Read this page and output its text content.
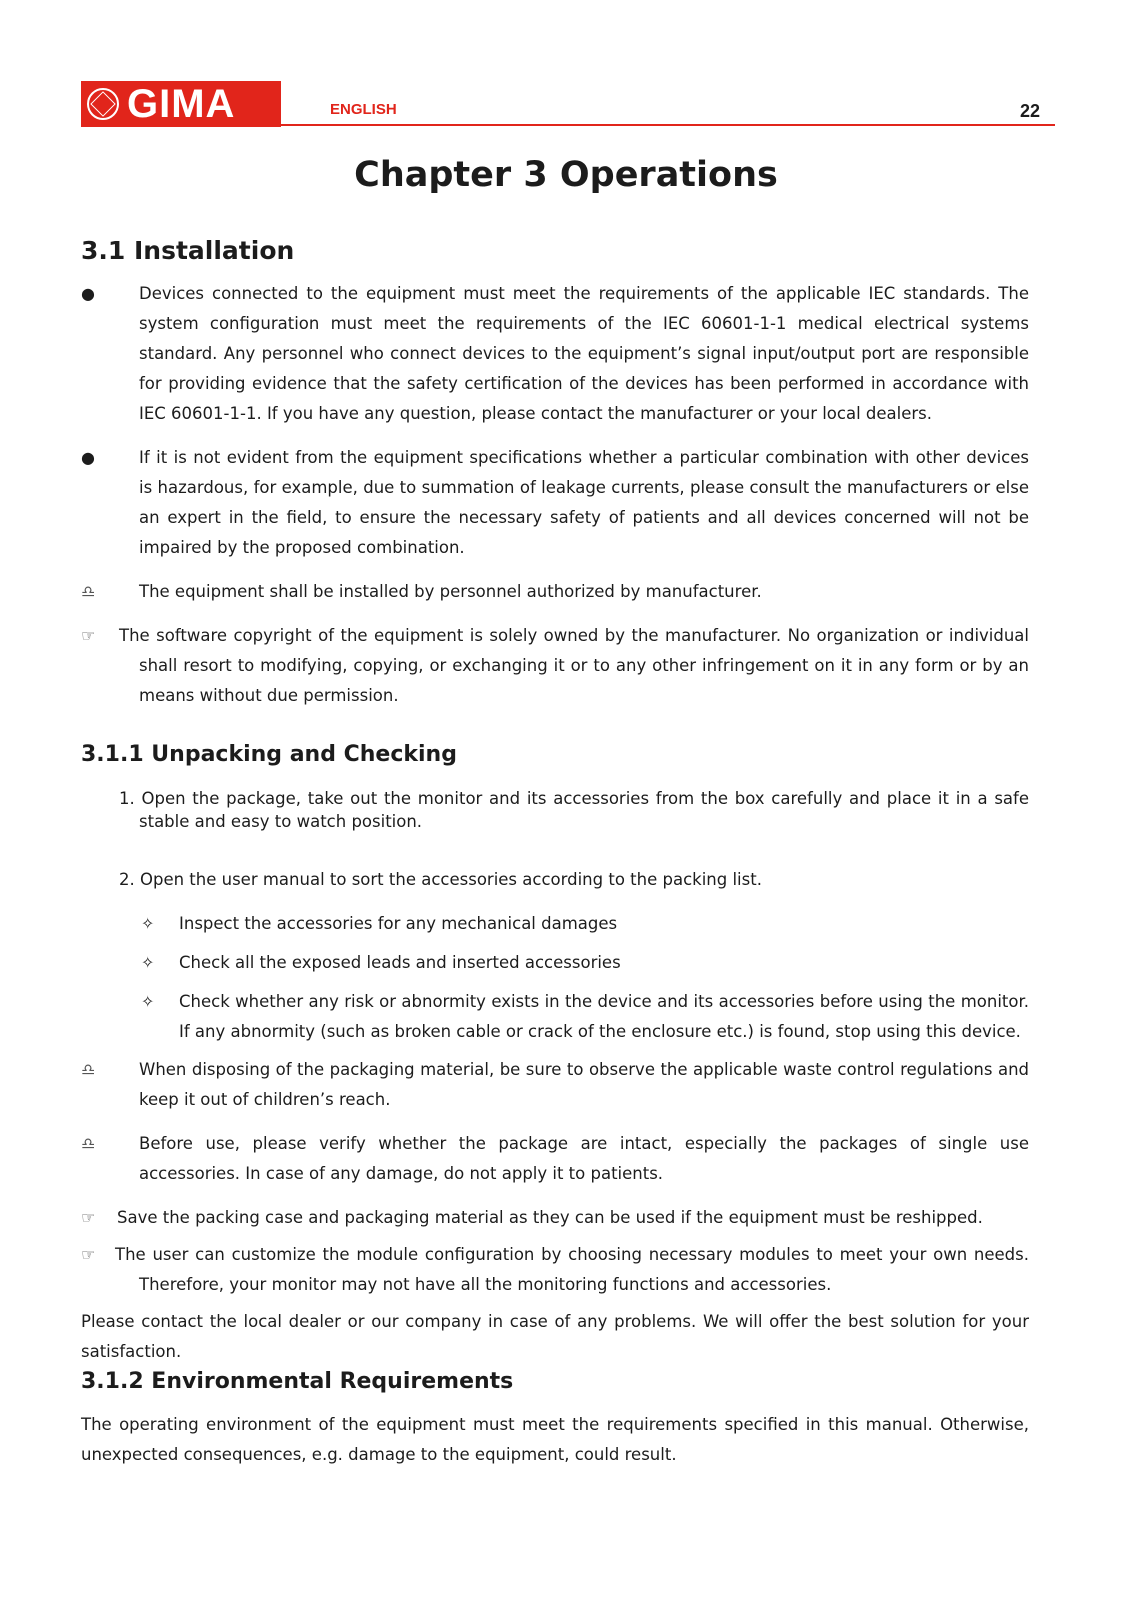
GIMA	ENGLISH	22
Chapter 3 Operations
3.1 Installation
●	Devices connected to the equipment must meet the requirements of the applicable IEC standards. The system configuration must meet the requirements of the IEC 60601-1-1 medical electrical systems standard. Any personnel who connect devices to the equipment’s signal input/output port are responsible for providing evidence that the safety certification of the devices has been performed in accordance with IEC 60601-1-1. If you have any question, please contact the manufacturer or your local dealers.

●	If it is not evident from the equipment specifications whether a particular combination with other devices is hazardous, for example, due to summation of leakage currents, please consult the manufacturers or else an expert in the field, to ensure the necessary safety of patients and all devices concerned will not be impaired by the proposed combination.

♎	The equipment shall be installed by personnel authorized by manufacturer.

☞ The software copyright of the equipment is solely owned by the manufacturer. No organization or individual shall resort to modifying, copying, or exchanging it or to any other infringement on it in any form or by an means without due permission.

3.1.1 Unpacking and Checking

1. Open the package, take out the monitor and its accessories from the box carefully and place it in a safe stable and easy to watch position.

2. Open the user manual to sort the accessories according to the packing list.

✧ Inspect the accessories for any mechanical damages

✧ Check all the exposed leads and inserted accessories

✧ Check whether any risk or abnormity exists in the device and its accessories before using the monitor. If any abnormity (such as broken cable or crack of the enclosure etc.) is found, stop using this device.

♎	When disposing of the packaging material, be sure to observe the applicable waste control regulations and keep it out of children’s reach.

♎	Before use, please verify whether the package are intact, especially the packages of single use accessories. In case of any damage, do not apply it to patients.

☞ Save the packing case and packaging material as they can be used if the equipment must be reshipped.

☞ The user can customize the module configuration by choosing necessary modules to meet your own needs. Therefore, your monitor may not have all the monitoring functions and accessories.

Please contact the local dealer or our company in case of any problems. We will offer the best solution for your satisfaction.

3.1.2 Environmental Requirements

The operating environment of the equipment must meet the requirements specified in this manual. Otherwise, unexpected consequences, e.g. damage to the equipment, could result.
